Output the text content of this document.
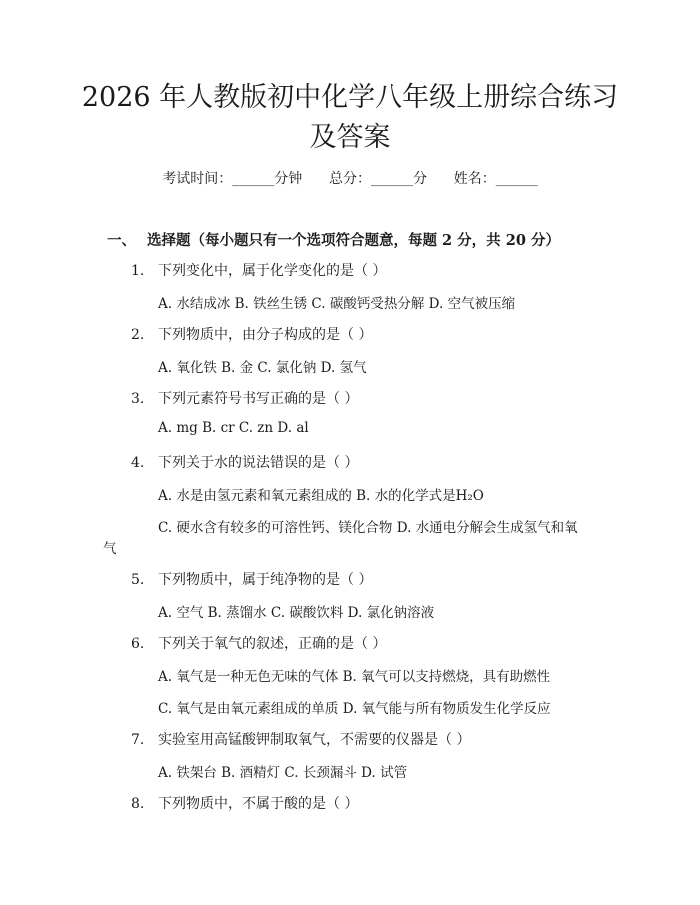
2026 年人教版初中化学八年级上册综合练习
及答案
考试时间：______分钟      总分：______分      姓名：______
一、 选择题（每小题只有一个选项符合题意，每题 2 分，共 20 分）
1. 下列变化中，属于化学变化的是（ ）
A. 水结成冰 B. 铁丝生锈 C. 碳酸钙受热分解 D. 空气被压缩
2. 下列物质中，由分子构成的是（ ）
A. 氧化铁 B. 金 C. 氯化钠 D. 氢气
3. 下列元素符号书写正确的是（ ）
A. mg B. cr C. zn D. al
4. 下列关于水的说法错误的是（ ）
A. 水是由氢元素和氧元素组成的 B. 水的化学式是H₂O
C. 硬水含有较多的可溶性钙、镁化合物 D. 水通电分解会生成氢气和氧
气
5. 下列物质中，属于纯净物的是（ ）
A. 空气 B. 蒸馏水 C. 碳酸饮料 D. 氯化钠溶液
6. 下列关于氧气的叙述，正确的是（ ）
A. 氧气是一种无色无味的气体 B. 氧气可以支持燃烧，具有助燃性
C. 氧气是由氧元素组成的单质 D. 氧气能与所有物质发生化学反应
7. 实验室用高锰酸钾制取氧气，不需要的仪器是（ ）
A. 铁架台 B. 酒精灯 C. 长颈漏斗 D. 试管
8. 下列物质中，不属于酸的是（ ）
